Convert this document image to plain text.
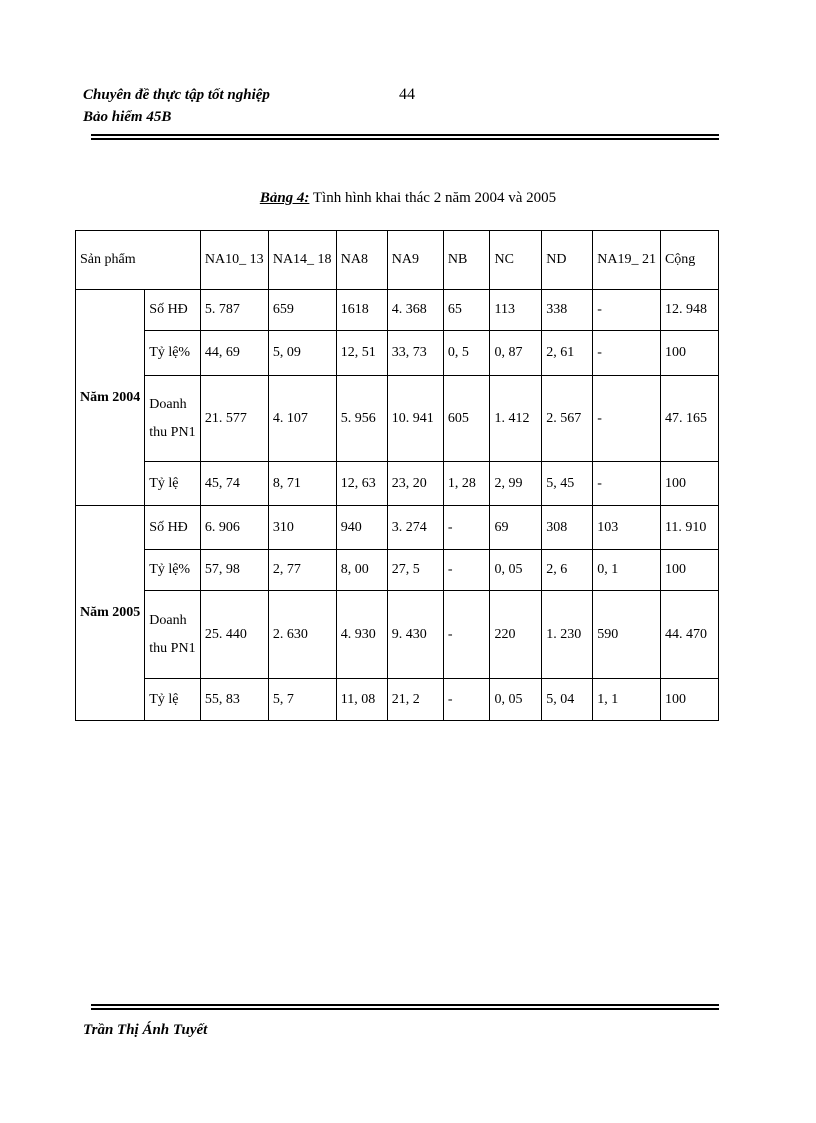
Chuyên đề thực tập tốt nghiệp
Bảo hiểm 45B
44
Bảng 4: Tình hình khai thác 2 năm 2004 và 2005
Sản phẩm		NA10_ 13	NA14_ 18	NA8	NA9	NB	NC	ND	NA19_ 21	Cộng
Năm 2004	Số HĐ	5. 787	659	1618	4. 368	65	113	338	-	12. 948
	Tỷ lệ%	44, 69	5, 09	12, 51	33, 73	0, 5	0, 87	2, 61	-	100
	Doanh thu PN1	21. 577	4. 107	5. 956	10. 941	605	1. 412	2. 567	-	47. 165
	Tỷ lệ	45, 74	8, 71	12, 63	23, 20	1, 28	2, 99	5, 45	-	100
Năm 2005	Số HĐ	6. 906	310	940	3. 274	-	69	308	103	11. 910
	Tỷ lệ%	57, 98	2, 77	8, 00	27, 5	-	0, 05	2, 6	0, 1	100
	Doanh thu PN1	25. 440	2. 630	4. 930	9. 430	-	220	1. 230	590	44. 470
	Tỷ lệ	55, 83	5, 7	11, 08	21, 2	-	0, 05	5, 04	1, 1	100
Trần Thị Ánh Tuyết
